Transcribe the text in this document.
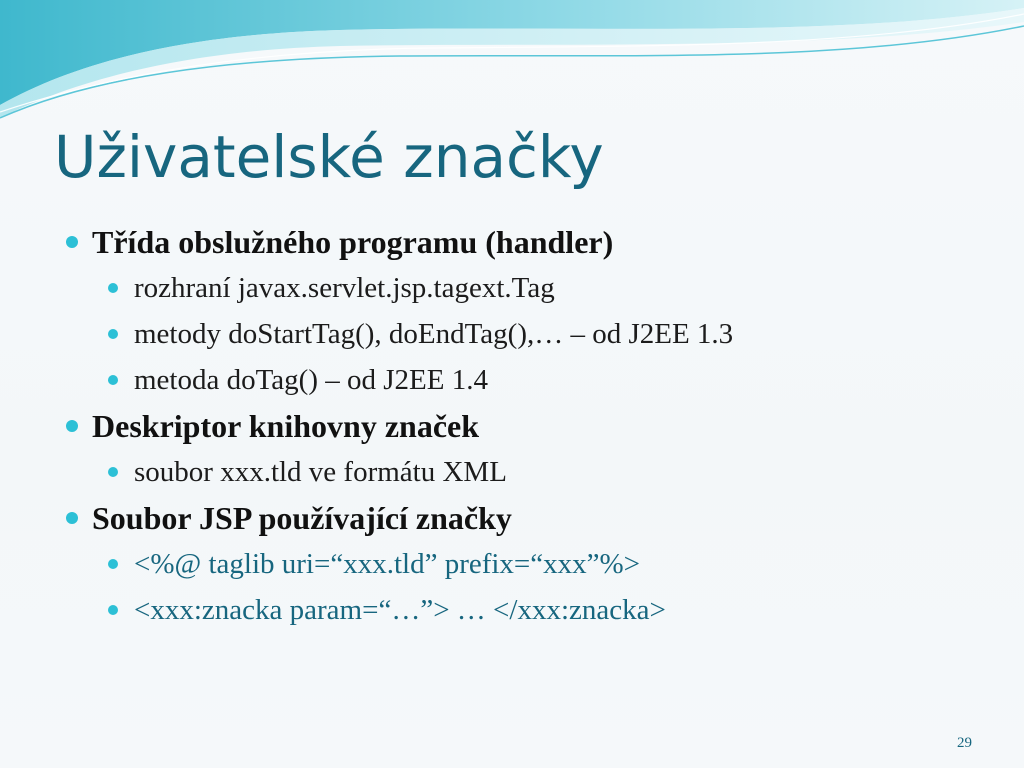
Uživatelské značky
Třída obslužného programu (handler)
rozhraní javax.servlet.jsp.tagext.Tag
metody doStartTag(), doEndTag(),… – od J2EE 1.3
metoda doTag() – od J2EE 1.4
Deskriptor knihovny značek
soubor xxx.tld ve formátu XML
Soubor JSP používající značky
<%@ taglib uri=“xxx.tld” prefix=“xxx”%>
<xxx:znacka param=“…”> … </xxx:znacka>
29
